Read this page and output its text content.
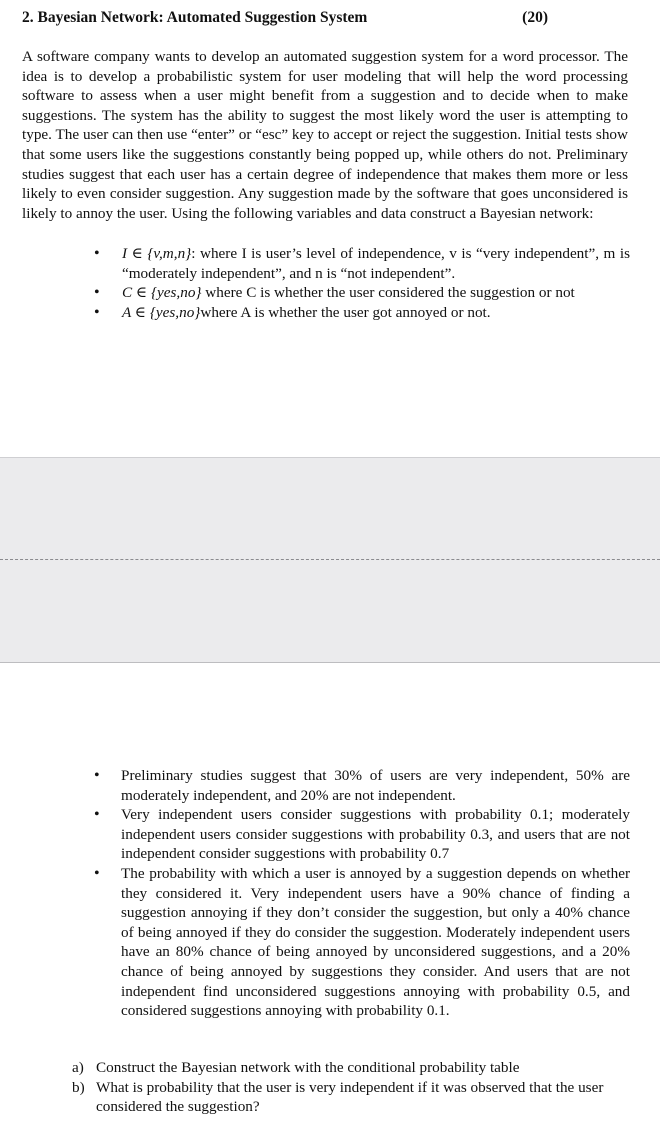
2. Bayesian Network: Automated Suggestion System	(20)
A software company wants to develop an automated suggestion system for a word processor. The idea is to develop a probabilistic system for user modeling that will help the word processing software to assess when a user might benefit from a suggestion and to decide when to make suggestions. The system has the ability to suggest the most likely word the user is attempting to type. The user can then use “enter” or “esc” key to accept or reject the suggestion. Initial tests show that some users like the suggestions constantly being popped up, while others do not. Preliminary studies suggest that each user has a certain degree of independence that makes them more or less likely to even consider suggestion. Any suggestion made by the software that goes unconsidered is likely to annoy the user. Using the following variables and data construct a Bayesian network:
• I ∈ {v,m,n}: where I is user’s level of independence, v is “very independent”, m is “moderately independent”, and n is “not independent”.
• C ∈ {yes,no} where C is whether the user considered the suggestion or not
• A ∈ {yes,no}where A is whether the user got annoyed or not.
• Preliminary studies suggest that 30% of users are very independent, 50% are moderately independent, and 20% are not independent.
• Very independent users consider suggestions with probability 0.1; moderately independent users consider suggestions with probability 0.3, and users that are not independent consider suggestions with probability 0.7
• The probability with which a user is annoyed by a suggestion depends on whether they considered it. Very independent users have a 90% chance of finding a suggestion annoying if they don’t consider the suggestion, but only a 40% chance of being annoyed if they do consider the suggestion. Moderately independent users have an 80% chance of being annoyed by unconsidered suggestions, and a 20% chance of being annoyed by suggestions they consider. And users that are not independent find unconsidered suggestions annoying with probability 0.5, and considered suggestions annoying with probability 0.1.
a) Construct the Bayesian network with the conditional probability table
b) What is probability that the user is very independent if it was observed that the user considered the suggestion?
